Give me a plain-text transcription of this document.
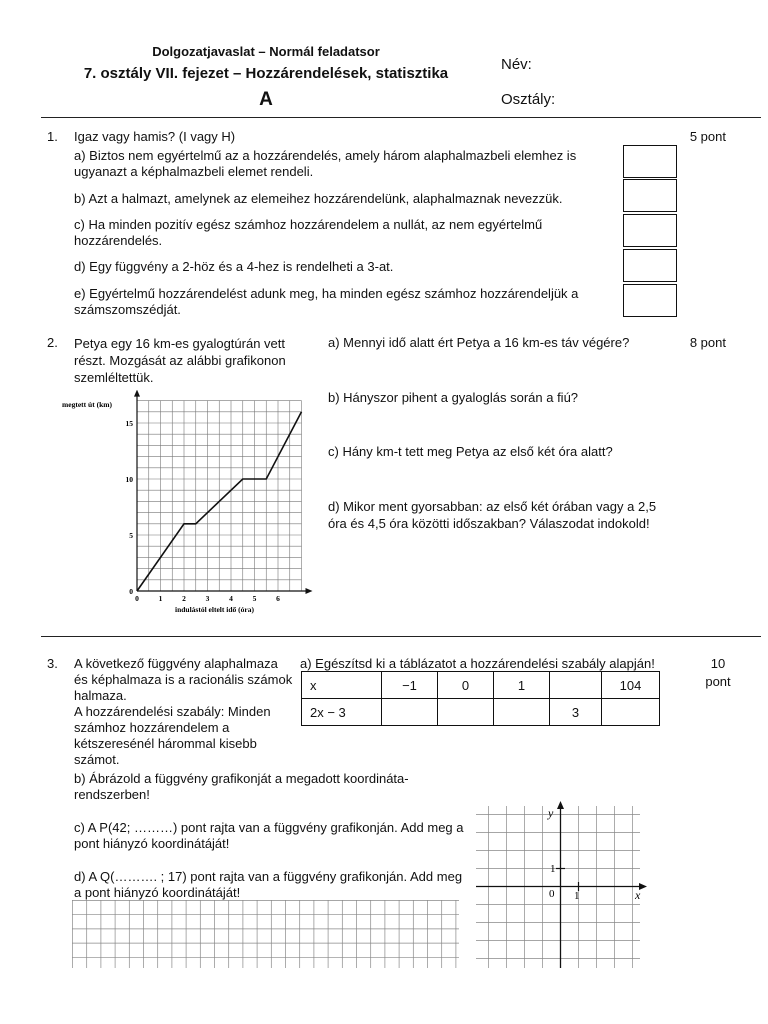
Dolgozatjavaslat – Normál feladatsor
7. osztály VII. fejezet – Hozzárendelések, statisztika
A
Név:
Osztály:
1. Igaz vagy hamis? (I vagy H)	5 pont
a) Biztos nem egyértelmű az a hozzárendelés, amely három alaphalmazbeli elemhez is ugyanazt a képhalmazbeli elemet rendeli.
b) Azt a halmazt, amelynek az elemeihez hozzárendelünk, alaphalmaznak nevezzük.
c) Ha minden pozitív egész számhoz hozzárendelem a nullát, az nem egyértelmű hozzárendelés.
d) Egy függvény a 2-höz és a 4-hez is rendelheti a 3-at.
e) Egyértelmű hozzárendelést adunk meg, ha minden egész számhoz hozzárendeljük a számszomszédját.
2. Petya egy 16 km-es gyalogtúrán vett részt. Mozgását az alábbi grafikonon szemléltettük.
8 pont
a) Mennyi idő alatt ért Petya a 16 km-es táv végére?
b) Hányszor pihent a gyaloglás során a fiú?
c) Hány km-t tett meg Petya az első két óra alatt?
d) Mikor ment gyorsabban: az első két órában vagy a 2,5 óra és 4,5 óra közötti időszakban? Válaszodat indokold!
0	1	2	3	4	5	6
0
5
10
15
megtett út (km)
indulástól eltelt idő (óra)
3. A következő függvény alaphalmaza
és képhalmaza is a racionális számok
halmaza.
A hozzárendelési szabály: Minden
számhoz hozzárendelem a
kétszeresénél hárommal kisebb
számot.
b) Ábrázold a függvény grafikonját a megadott koordináta-rendszerben!
c) A P(42; ………) pont rajta van a függvény grafikonján. Add meg a pont hiányzó koordinátáját!
d) A Q(………. ; 17) pont rajta van a függvény grafikonján. Add meg a pont hiányzó koordinátáját!
a) Egészítsd ki a táblázatot a hozzárendelési szabály alapján!	10
pont
x	−1	0	1		104
2x − 3				3	
y
x
0
1
1
